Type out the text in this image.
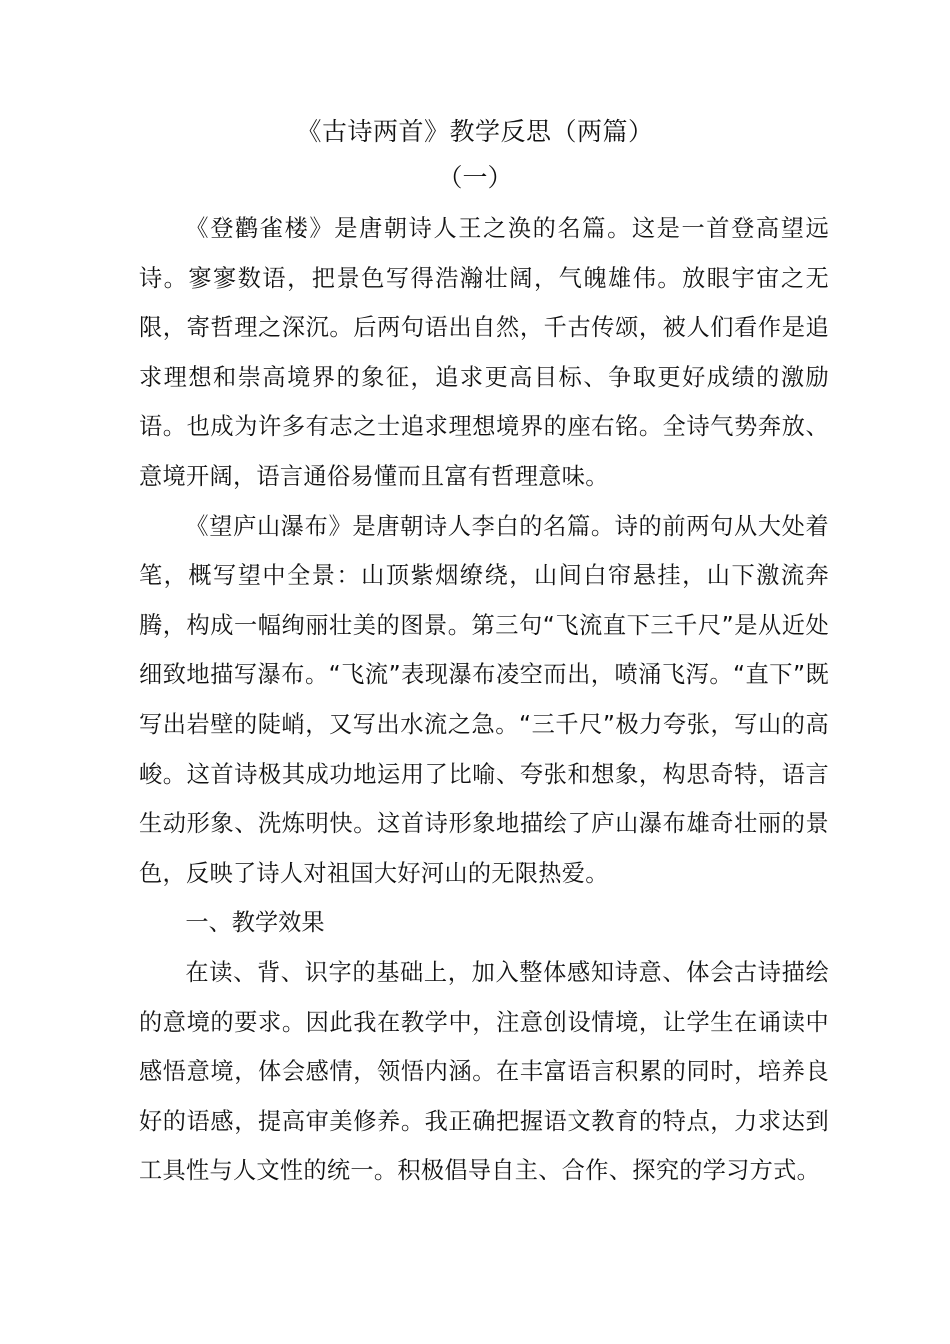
《古诗两首》教学反思（两篇）
（一）

《登鹳雀楼》是唐朝诗人王之涣的名篇。这是一首登高望远诗。寥寥数语，把景色写得浩瀚壮阔，气魄雄伟。放眼宇宙之无限，寄哲理之深沉。后两句语出自然，千古传颂，被人们看作是追求理想和崇高境界的象征，追求更高目标、争取更好成绩的激励语。也成为许多有志之士追求理想境界的座右铭。全诗气势奔放、意境开阔，语言通俗易懂而且富有哲理意味。

《望庐山瀑布》是唐朝诗人李白的名篇。诗的前两句从大处着笔，概写望中全景：山顶紫烟缭绕，山间白帘悬挂，山下激流奔腾，构成一幅绚丽壮美的图景。第三句“飞流直下三千尺”是从近处细致地描写瀑布。“飞流”表现瀑布凌空而出，喷涌飞泻。“直下”既写出岩壁的陡峭，又写出水流之急。“三千尺”极力夸张，写山的高峻。这首诗极其成功地运用了比喻、夸张和想象，构思奇特，语言生动形象、洗炼明快。这首诗形象地描绘了庐山瀑布雄奇壮丽的景色，反映了诗人对祖国大好河山的无限热爱。

一、教学效果

在读、背、识字的基础上，加入整体感知诗意、体会古诗描绘的意境的要求。因此我在教学中，注意创设情境，让学生在诵读中感悟意境，体会感情，领悟内涵。在丰富语言积累的同时，培养良好的语感，提高审美修养。我正确把握语文教育的特点，力求达到工具性与人文性的统一。积极倡导自主、合作、探究的学习方式。
